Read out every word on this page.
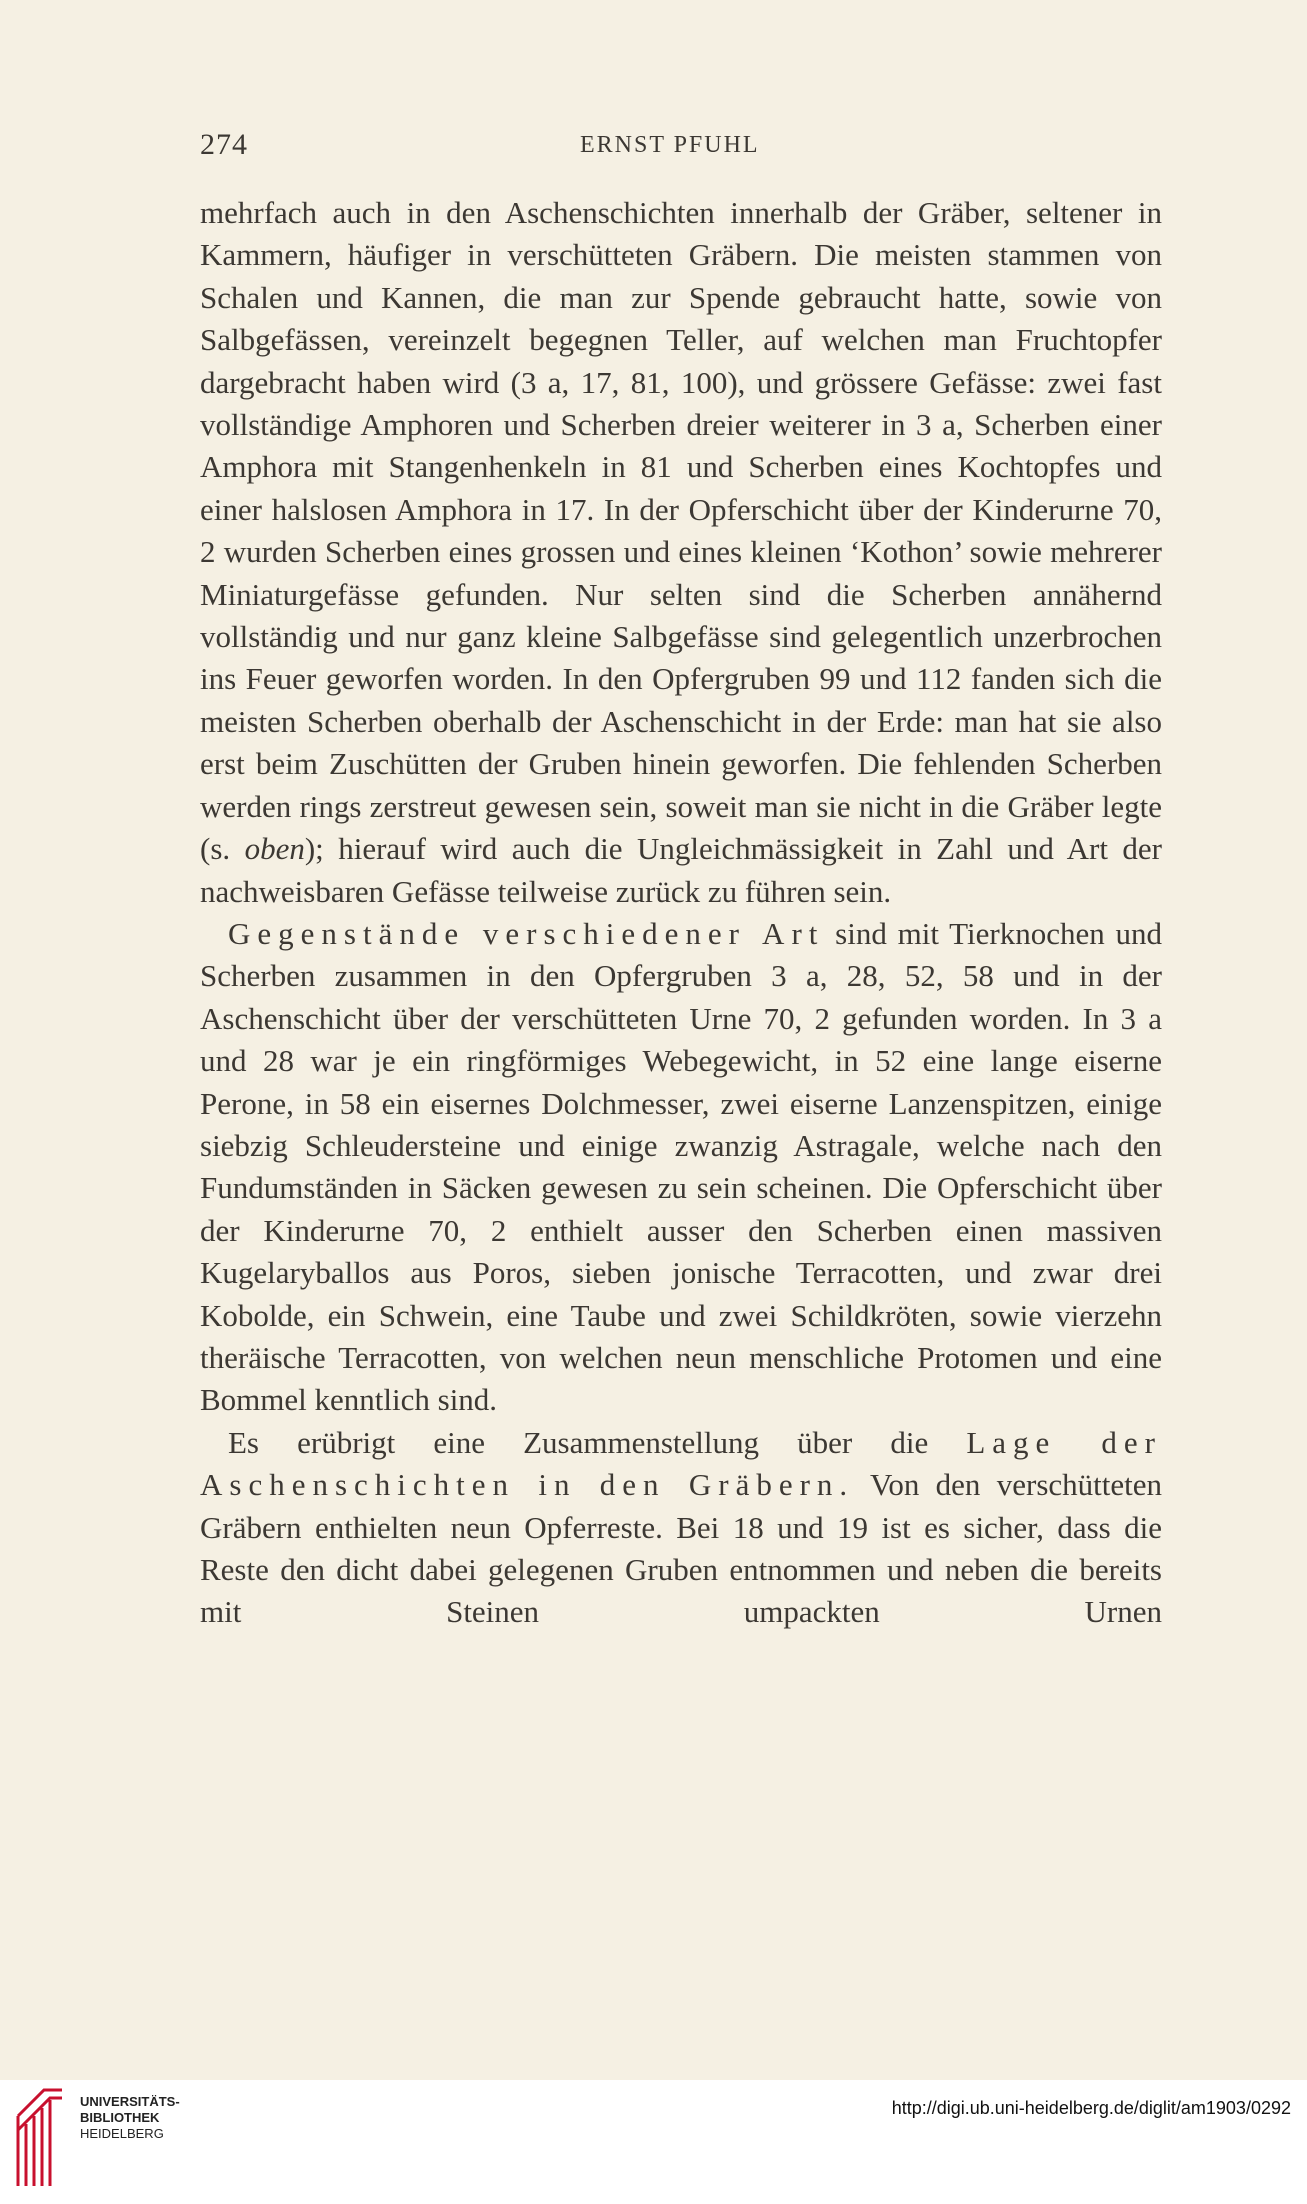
274	ERNST PFUHL

mehrfach auch in den Aschenschichten innerhalb der Gräber, seltener in Kammern, häufiger in verschütteten Gräbern. Die meisten stammen von Schalen und Kannen, die man zur Spende gebraucht hatte, sowie von Salbgefässen, vereinzelt begegnen Teller, auf welchen man Fruchtopfer dargebracht haben wird (3 a, 17, 81, 100), und grössere Gefässe: zwei fast vollständige Amphoren und Scherben dreier weiterer in 3 a, Scherben einer Amphora mit Stangenhenkeln in 81 und Scherben eines Kochtopfes und einer halslosen Amphora in 17. In der Opferschicht über der Kinderurne 70, 2 wurden Scherben eines grossen und eines kleinen ‘Kothon’ sowie mehrerer Miniaturgefässe gefunden. Nur selten sind die Scherben annähernd vollständig und nur ganz kleine Salbgefässe sind gelegentlich unzerbrochen ins Feuer geworfen worden. In den Opfergruben 99 und 112 fanden sich die meisten Scherben oberhalb der Aschenschicht in der Erde: man hat sie also erst beim Zuschütten der Gruben hinein geworfen. Die fehlenden Scherben werden rings zerstreut gewesen sein, soweit man sie nicht in die Gräber legte (s. oben); hierauf wird auch die Ungleichmässigkeit in Zahl und Art der nachweisbaren Gefässe teilweise zurück zu führen sein.

Gegenstände verschiedener Art sind mit Tierknochen und Scherben zusammen in den Opfergruben 3 a, 28, 52, 58 und in der Aschenschicht über der verschütteten Urne 70, 2 gefunden worden. In 3 a und 28 war je ein ringförmiges Webegewicht, in 52 eine lange eiserne Perone, in 58 ein eisernes Dolchmesser, zwei eiserne Lanzenspitzen, einige siebzig Schleudersteine und einige zwanzig Astragale, welche nach den Fundumständen in Säcken gewesen zu sein scheinen. Die Opferschicht über der Kinderurne 70, 2 enthielt ausser den Scherben einen massiven Kugelaryballos aus Poros, sieben jonische Terracotten, und zwar drei Kobolde, ein Schwein, eine Taube und zwei Schildkröten, sowie vierzehn theräische Terracotten, von welchen neun menschliche Protomen und eine Bommel kenntlich sind.

Es erübrigt eine Zusammenstellung über die Lage der Aschenschichten in den Gräbern. Von den verschütteten Gräbern enthielten neun Opferreste. Bei 18 und 19 ist es sicher, dass die Reste den dicht dabei gelegenen Gruben entnommen und neben die bereits mit Steinen umpackten Urnen

UNIVERSITÄTS-
BIBLIOTHEK
HEIDELBERG
http://digi.ub.uni-heidelberg.de/diglit/am1903/0292
